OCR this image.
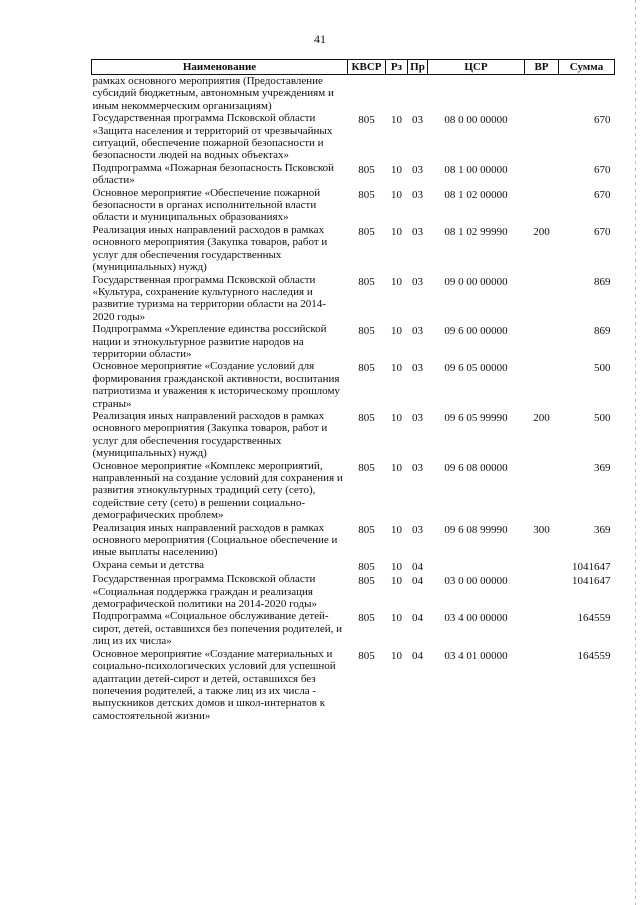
41
Наименование	КВСР	Рз	Пр	ЦСР	ВР	Сумма
рамках основного мероприятия (Предоставление субсидий бюджетным, автономным учреждениям и иным некоммерческим организациям)						
Государственная программа Псковской области «Защита населения и территорий от чрезвычайных ситуаций, обеспечение пожарной безопасности и безопасности людей на водных объектах»	805	10	03	08 0 00 00000		670
Подпрограмма «Пожарная безопасность Псковской области»	805	10	03	08 1 00 00000		670
Основное мероприятие «Обеспечение пожарной безопасности в органах исполнительной власти области и муниципальных образованиях»	805	10	03	08 1 02 00000		670
Реализация иных направлений расходов в рамках основного мероприятия (Закупка товаров, работ и услуг для обеспечения государственных (муниципальных) нужд)	805	10	03	08 1 02 99990	200	670
Государственная программа Псковской области «Культура, сохранение культурного наследия и развитие туризма на территории области на 2014-2020 годы»	805	10	03	09 0 00 00000		869
Подпрограмма «Укрепление единства российской нации и этнокультурное развитие народов на территории области»	805	10	03	09 6 00 00000		869
Основное мероприятие «Создание условий для формирования гражданской активности, воспитания патриотизма и уважения к историческому прошлому страны»	805	10	03	09 6 05 00000		500
Реализация иных направлений расходов в рамках основного мероприятия (Закупка товаров, работ и услуг для обеспечения государственных (муниципальных) нужд)	805	10	03	09 6 05 99990	200	500
Основное мероприятие «Комплекс мероприятий, направленный на создание условий для сохранения и развития этнокультурных традиций сету (сето), содействие сету (сето) в решении социально-демографических проблем»	805	10	03	09 6 08 00000		369
Реализация иных направлений расходов в рамках основного мероприятия (Социальное обеспечение и иные выплаты населению)	805	10	03	09 6 08 99990	300	369
Охрана семьи и детства	805	10	04			1041647
Государственная программа Псковской области «Социальная поддержка граждан и реализация демографической политики на 2014-2020 годы»	805	10	04	03 0 00 00000		1041647
Подпрограмма «Социальное обслуживание детей-сирот, детей, оставшихся без попечения родителей, и лиц из их числа»	805	10	04	03 4 00 00000		164559
Основное мероприятие «Создание материальных и социально-психологических условий для успешной адаптации детей-сирот и детей, оставшихся без попечения родителей, а также лиц из их числа - выпускников детских домов и школ-интернатов к самостоятельной жизни»	805	10	04	03 4 01 00000		164559
